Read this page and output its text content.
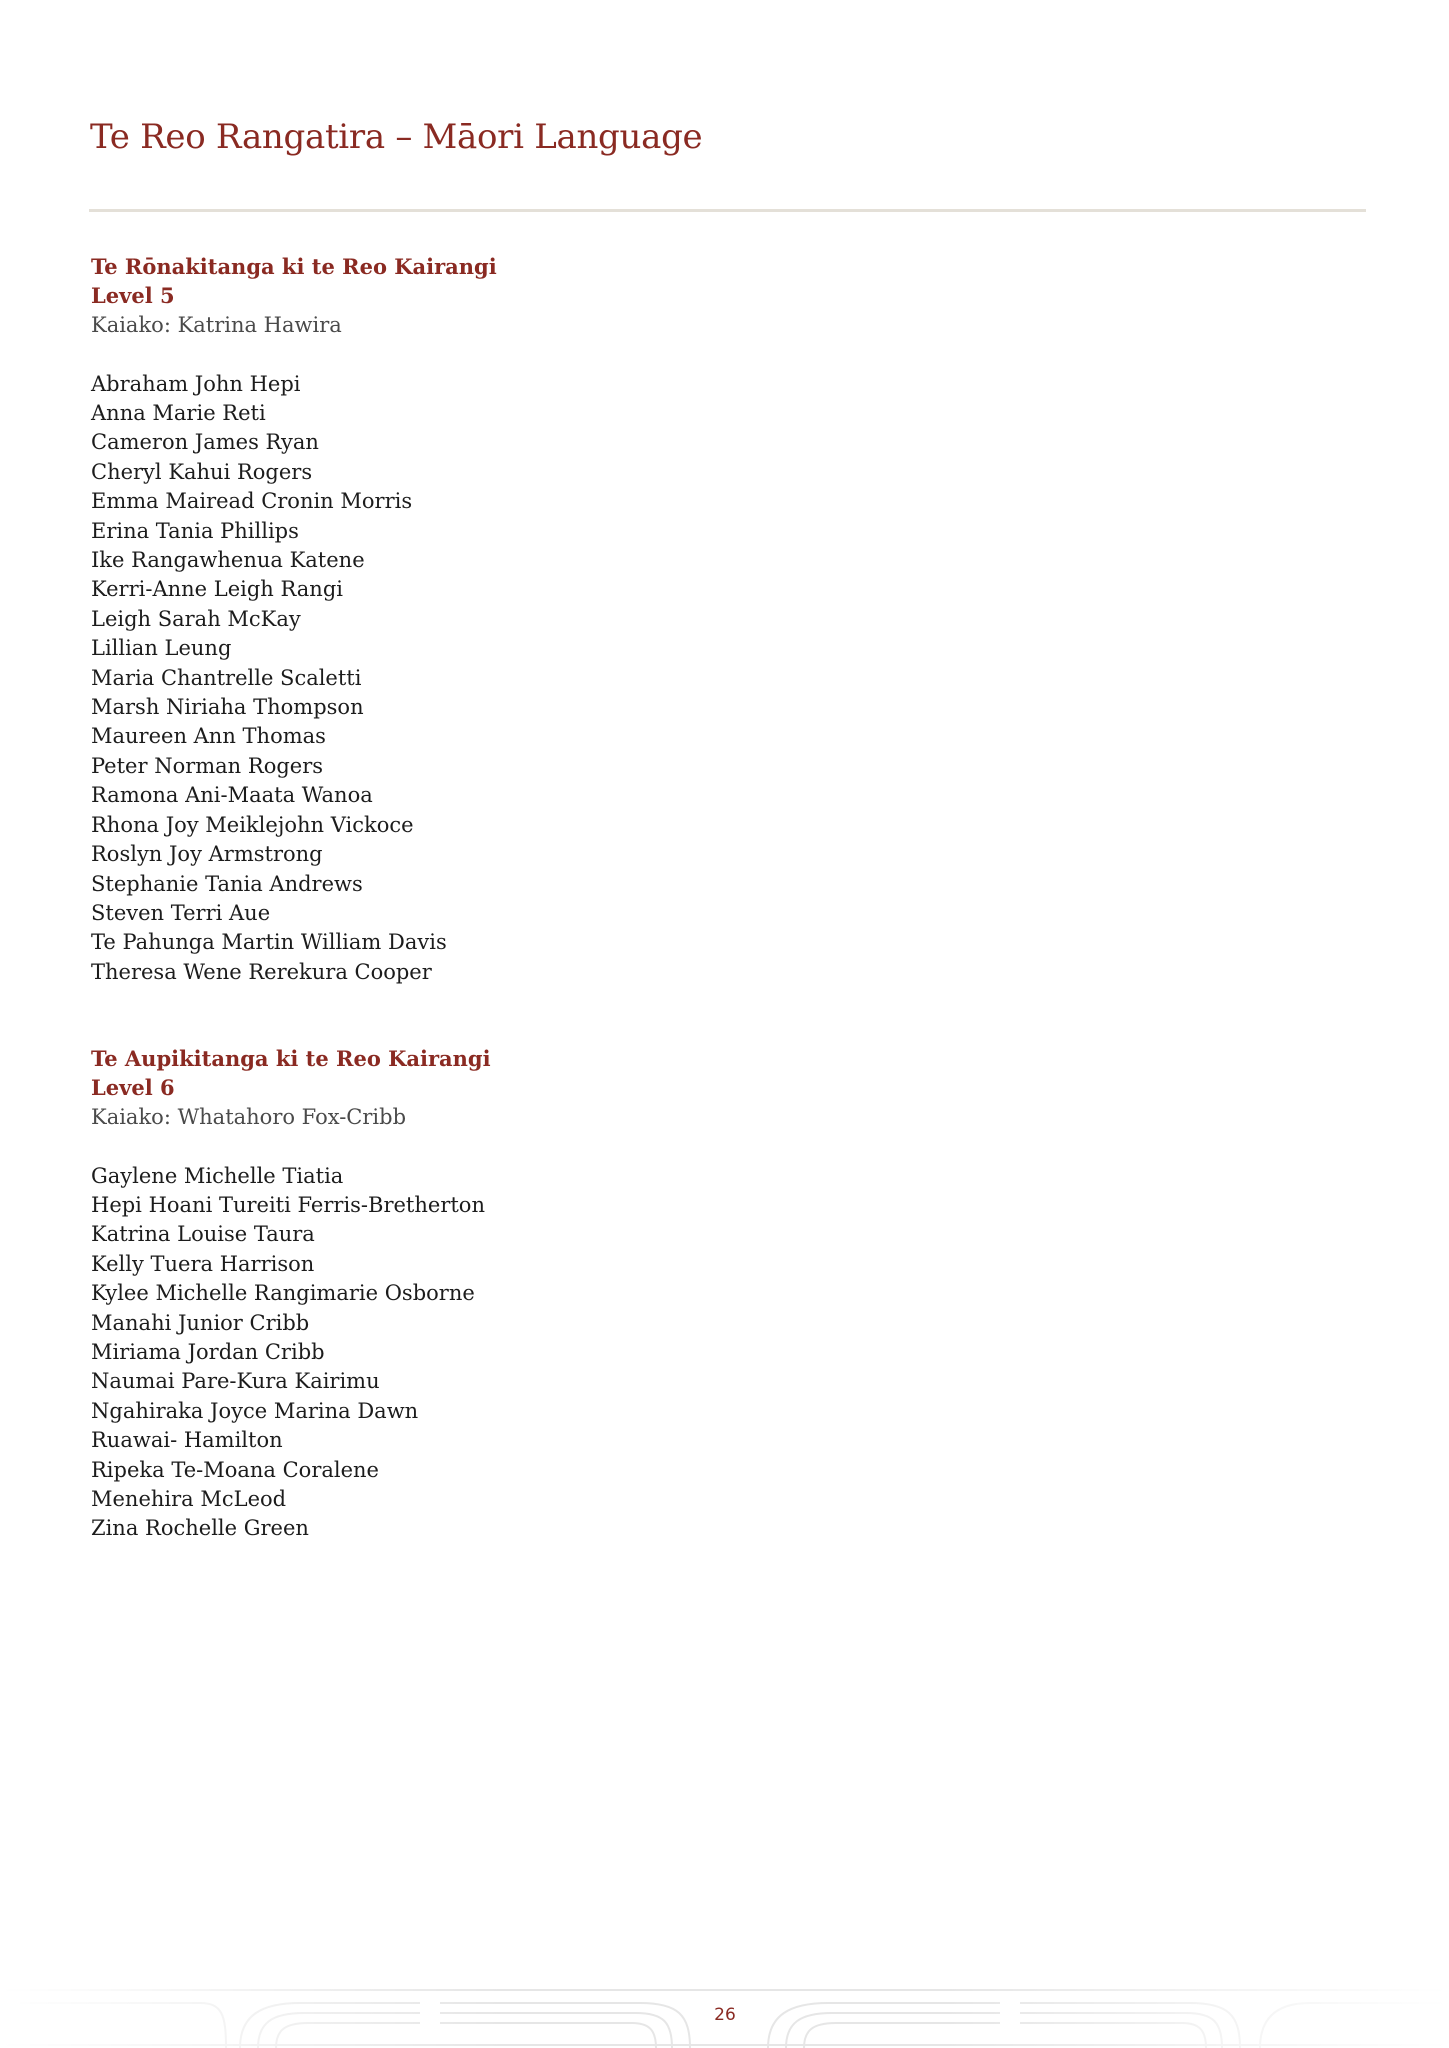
Te Reo Rangatira – Māori Language
Te Rōnakitanga ki te Reo Kairangi
Level 5
Kaiako: Katrina Hawira
Abraham John Hepi
Anna Marie Reti
Cameron James Ryan
Cheryl Kahui Rogers
Emma Mairead Cronin Morris
Erina Tania Phillips
Ike Rangawhenua Katene
Kerri-Anne Leigh Rangi
Leigh Sarah McKay
Lillian Leung
Maria Chantrelle Scaletti
Marsh Niriaha Thompson
Maureen Ann Thomas
Peter Norman Rogers
Ramona Ani-Maata Wanoa
Rhona Joy Meiklejohn Vickoce
Roslyn Joy Armstrong
Stephanie Tania Andrews
Steven Terri Aue
Te Pahunga Martin William Davis
Theresa Wene Rerekura Cooper
Te Aupikitanga ki te Reo Kairangi
Level 6
Kaiako: Whatahoro Fox-Cribb
Gaylene Michelle Tiatia
Hepi Hoani Tureiti Ferris-Bretherton
Katrina Louise Taura
Kelly Tuera Harrison
Kylee Michelle Rangimarie Osborne
Manahi Junior Cribb
Miriama Jordan Cribb
Naumai Pare-Kura Kairimu
Ngahiraka Joyce Marina Dawn
Ruawai- Hamilton
Ripeka Te-Moana Coralene
Menehira McLeod
Zina Rochelle Green
26
